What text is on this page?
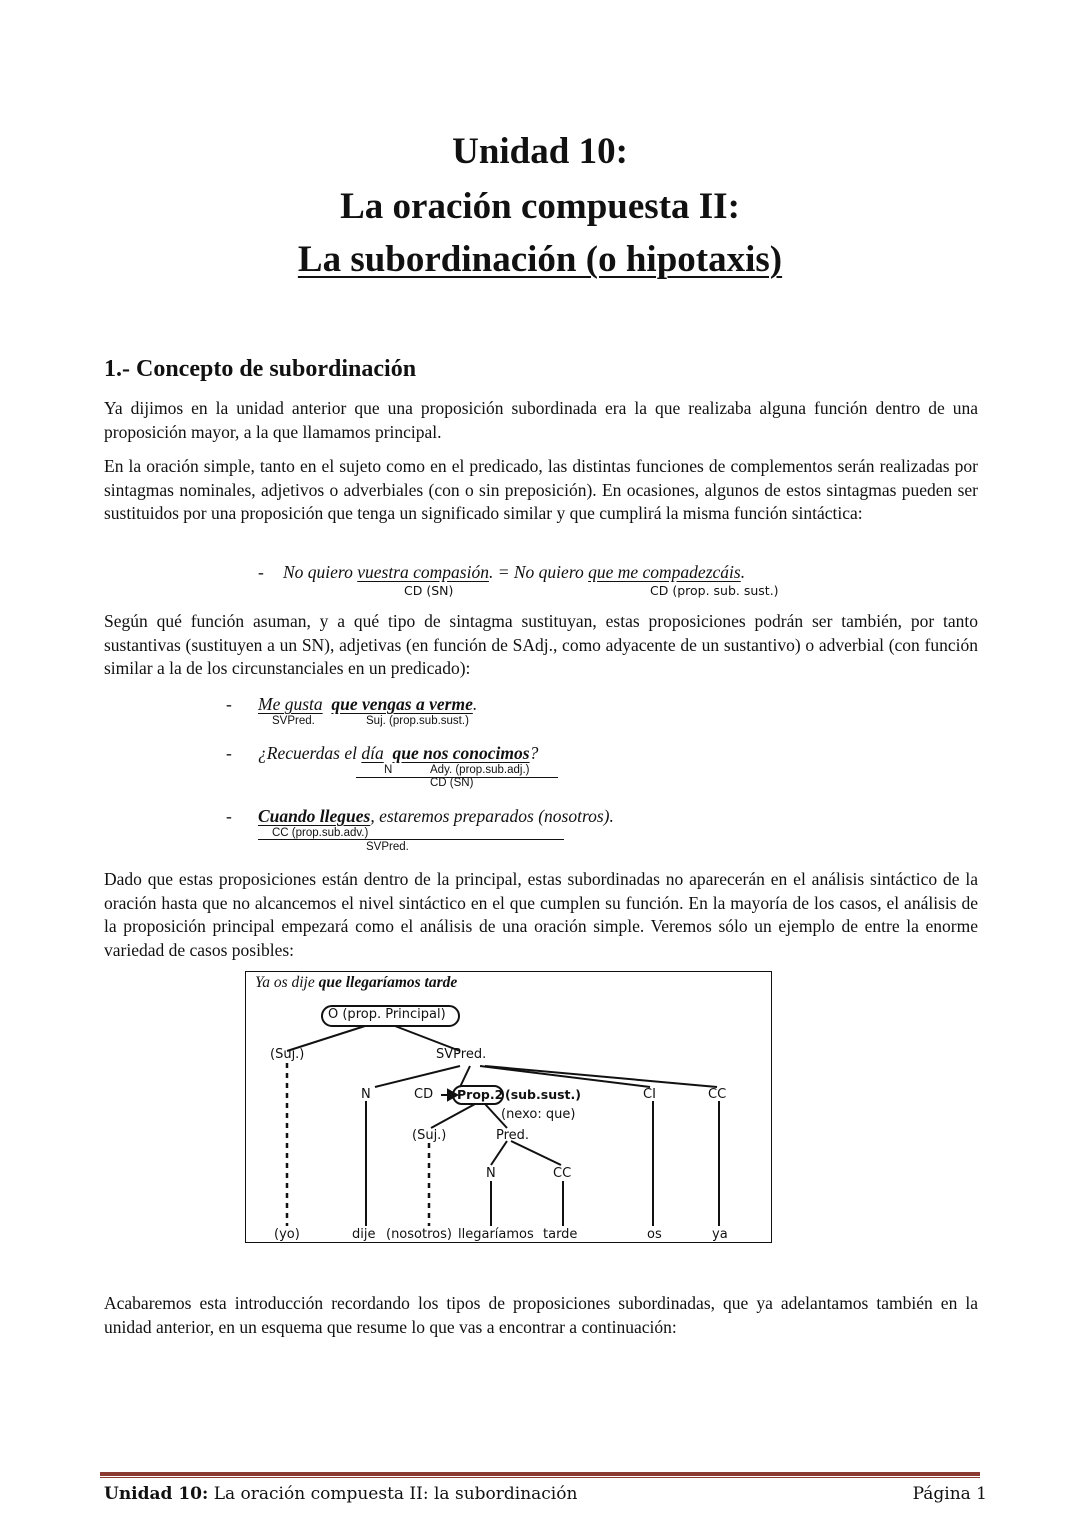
Unidad 10:
La oración compuesta II:
La subordinación (o hipotaxis)
1.- Concepto de subordinación
Ya dijimos en la unidad anterior que una proposición subordinada era la que realizaba alguna función dentro de una proposición mayor, a la que llamamos principal.
En la oración simple, tanto en el sujeto como en el predicado, las distintas funciones de complementos serán realizadas por sintagmas nominales, adjetivos o adverbiales (con o sin preposición). En ocasiones, algunos de estos sintagmas pueden ser sustituidos por una proposición que tenga un significado similar y que cumplirá la misma función sintáctica:
- No quiero vuestra compasión. = No quiero que me compadezcáis.
CD (SN)	CD (prop. sub. sust.)
Según qué función asuman, y a qué tipo de sintagma sustituyan, estas proposiciones podrán ser también, por tanto sustantivas (sustituyen a un SN), adjetivas (en función de SAdj., como adyacente de un sustantivo) o adverbial (con función similar a la de los circunstanciales en un predicado):
- Me gusta que vengas a verme.
SVPred.	Suj. (prop.sub.sust.)
- ¿Recuerdas el día que nos conocimos?
N	Ady. (prop.sub.adj.)
CD (SN)
- Cuando llegues, estaremos preparados (nosotros).
CC (prop.sub.adv.)
SVPred.
Dado que estas proposiciones están dentro de la principal, estas subordinadas no aparecerán en el análisis sintáctico de la oración hasta que no alcancemos el nivel sintáctico en el que cumplen su función. En la mayoría de los casos, el análisis de la proposición principal empezará como el análisis de una oración simple. Veremos sólo un ejemplo de entre la enorme variedad de casos posibles:
Ya os dije que llegaríamos tarde
O (prop. Principal)
(Suj.)	SVPred.
N	CD Prop.2 (sub.sust.)
(nexo: que)
(Suj.)	Pred.
N	CC
CI	CC
(yo)	dije (nosotros) llegaríamos tarde	os	ya
Acabaremos esta introducción recordando los tipos de proposiciones subordinadas, que ya adelantamos también en la unidad anterior, en un esquema que resume lo que vas a encontrar a continuación:
Unidad 10: La oración compuesta II: la subordinación	Página 1
